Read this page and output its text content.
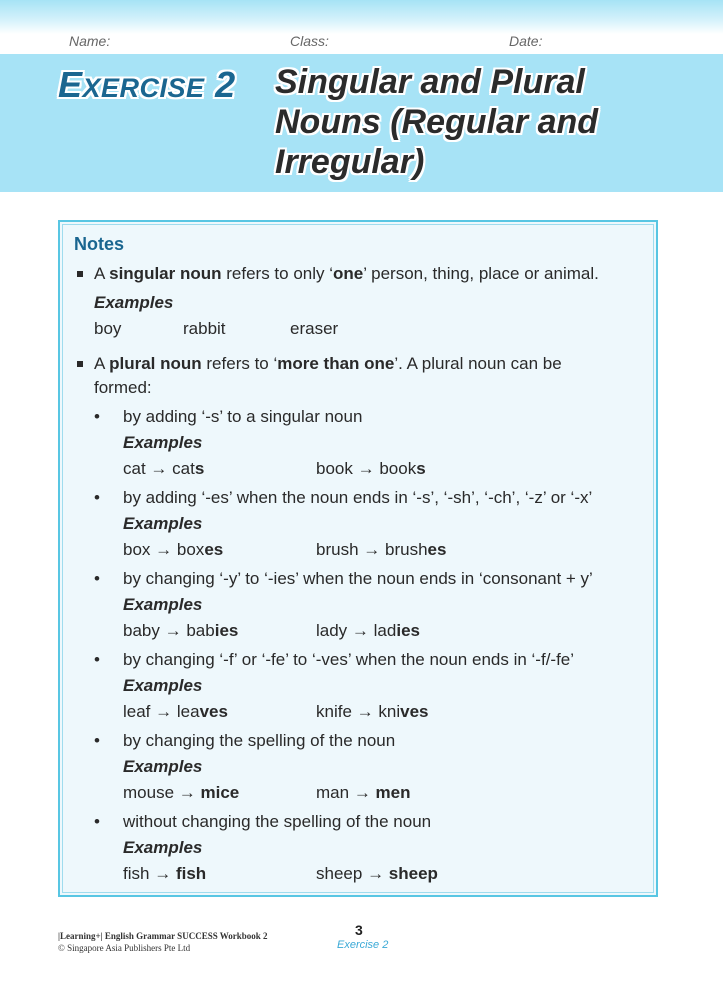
Name:	Class:	Date:
EXERCISE 2 Singular and Plural
Nouns (Regular and
Irregular)
Notes
A singular noun refers to only ‘one’ person, thing, place or animal.
Examples
boy	rabbit	eraser
A plural noun refers to ‘more than one’. A plural noun can be
formed:
• by adding ‘-s’ to a singular noun
Examples
cat → cats	book → books
• by adding ‘-es’ when the noun ends in ‘-s’, ‘-sh’, ‘-ch’, ‘-z’ or ‘-x’
Examples
box → boxes	brush → brushes
• by changing ‘-y’ to ‘-ies’ when the noun ends in ‘consonant + y’
Examples
baby → babies	lady → ladies
• by changing ‘-f’ or ‘-fe’ to ‘-ves’ when the noun ends in ‘-f/-fe’
Examples
leaf → leaves	knife → knives
• by changing the spelling of the noun
Examples
mouse → mice	man → men
• without changing the spelling of the noun
Examples
fish → fish	sheep → sheep
|Learning+| English Grammar SUCCESS Workbook 2
© Singapore Asia Publishers Pte Ltd
3
Exercise 2
